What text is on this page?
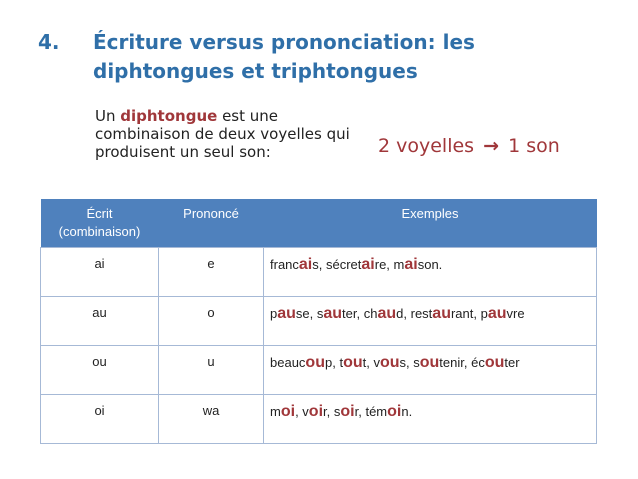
4. Écriture versus prononciation: les diphtongues et triphtongues
Un diphtongue est une combinaison de deux voyelles qui produisent un seul son:	2 voyelles → 1 son
Écrit
(combinaison)	Prononcé	Exemples
ai	e	francais, sécretaire, maison.
au	o	pause, sauter, chaud, restaurant, pauvre
ou	u	beaucoup, tout, vous, soutenir, écouter
oi	wa	moi, voir, soir, témoin.
